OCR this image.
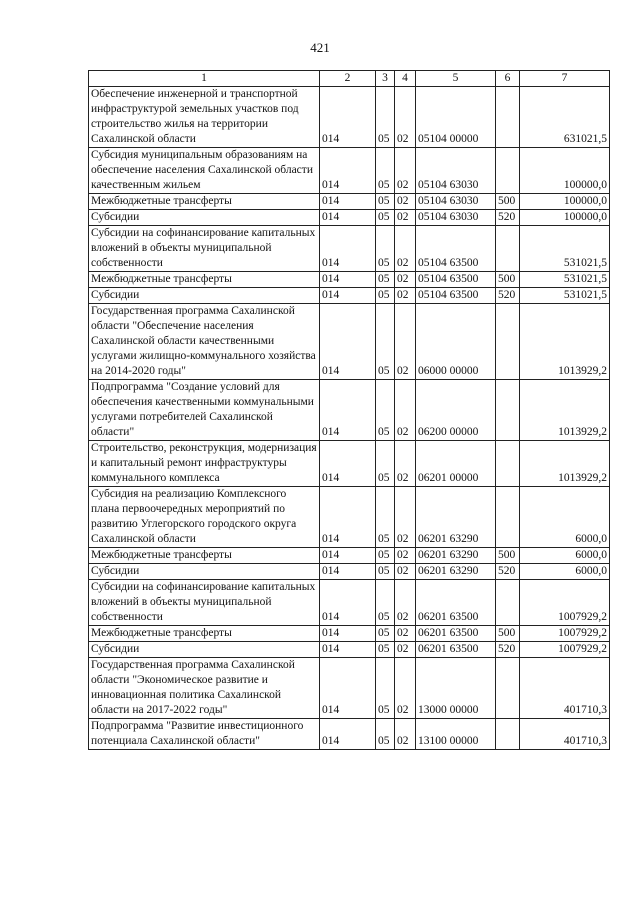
421
1	2	3	4	5	6	7
Обеспечение инженерной и транспортной инфраструктурой земельных участков под строительство жилья на территории Сахалинской области	014	05	02	05104 00000		631021,5
Субсидия муниципальным образованиям на обеспечение населения Сахалинской области качественным жильем	014	05	02	05104 63030		100000,0
Межбюджетные трансферты	014	05	02	05104 63030	500	100000,0
Субсидии	014	05	02	05104 63030	520	100000,0
Субсидии на софинансирование капитальных вложений в объекты муниципальной собственности	014	05	02	05104 63500		531021,5
Межбюджетные трансферты	014	05	02	05104 63500	500	531021,5
Субсидии	014	05	02	05104 63500	520	531021,5
Государственная программа Сахалинской области "Обеспечение населения Сахалинской области качественными услугами жилищно-коммунального хозяйства на 2014-2020 годы"	014	05	02	06000 00000		1013929,2
Подпрограмма "Создание условий для обеспечения качественными коммунальными услугами потребителей Сахалинской области"	014	05	02	06200 00000		1013929,2
Строительство, реконструкция, модернизация и капитальный ремонт инфраструктуры коммунального комплекса	014	05	02	06201 00000		1013929,2
Субсидия на реализацию Комплексного плана первоочередных мероприятий по развитию Углегорского городского округа Сахалинской области	014	05	02	06201 63290		6000,0
Межбюджетные трансферты	014	05	02	06201 63290	500	6000,0
Субсидии	014	05	02	06201 63290	520	6000,0
Субсидии на софинансирование капитальных вложений в объекты муниципальной собственности	014	05	02	06201 63500		1007929,2
Межбюджетные трансферты	014	05	02	06201 63500	500	1007929,2
Субсидии	014	05	02	06201 63500	520	1007929,2
Государственная программа Сахалинской области "Экономическое развитие и инновационная политика Сахалинской области на 2017-2022 годы"	014	05	02	13000 00000		401710,3
Подпрограмма "Развитие инвестиционного потенциала Сахалинской области"	014	05	02	13100 00000		401710,3
